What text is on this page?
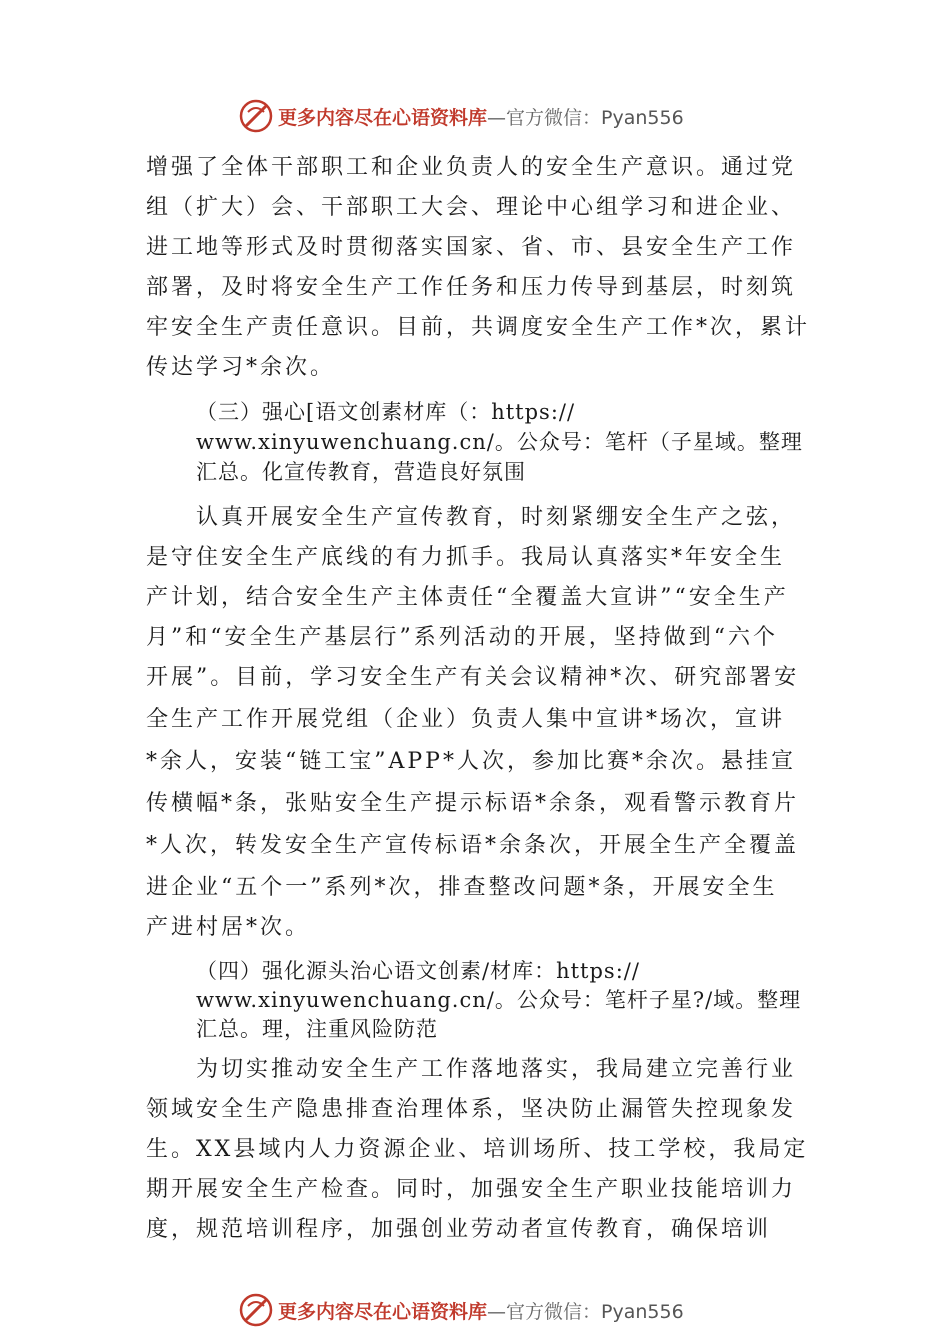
更多内容尽在心语资料库—官方微信：Pyan556
增强了全体干部职工和企业负责人的安全生产意识。通过党
组（扩大）会、干部职工大会、理论中心组学习和进企业、
进工地等形式及时贯彻落实国家、省、市、县安全生产工作
部署，及时将安全生产工作任务和压力传导到基层，时刻筑
牢安全生产责任意识。目前，共调度安全生产工作*次，累计
传达学习*余次。
（三）强心[语文创素材库（：https://
www.xinyuwenchuang.cn/。公众号：笔杆（子星域。整理
汇总。化宣传教育，营造良好氛围
认真开展安全生产宣传教育，时刻紧绷安全生产之弦，
是守住安全生产底线的有力抓手。我局认真落实*年安全生
产计划，结合安全生产主体责任“全覆盖大宣讲”“安全生产
月”和“安全生产基层行”系列活动的开展，坚持做到“六个
开展”。目前，学习安全生产有关会议精神*次、研究部署安
全生产工作开展党组（企业）负责人集中宣讲*场次，宣讲
*余人，安装“链工宝”APP*人次，参加比赛*余次。悬挂宣
传横幅*条，张贴安全生产提示标语*余条，观看警示教育片
*人次，转发安全生产宣传标语*余条次，开展全生产全覆盖
进企业“五个一”系列*次，排查整改问题*条，开展安全生
产进村居*次。
（四）强化源头治心语文创素/材库：https://
www.xinyuwenchuang.cn/。公众号：笔杆子星?/域。整理
汇总。理，注重风险防范
为切实推动安全生产工作落地落实，我局建立完善行业
领域安全生产隐患排查治理体系，坚决防止漏管失控现象发
生。XX县域内人力资源企业、培训场所、技工学校，我局定
期开展安全生产检查。同时，加强安全生产职业技能培训力
度，规范培训程序，加强创业劳动者宣传教育，确保培训
更多内容尽在心语资料库—官方微信：Pyan556
